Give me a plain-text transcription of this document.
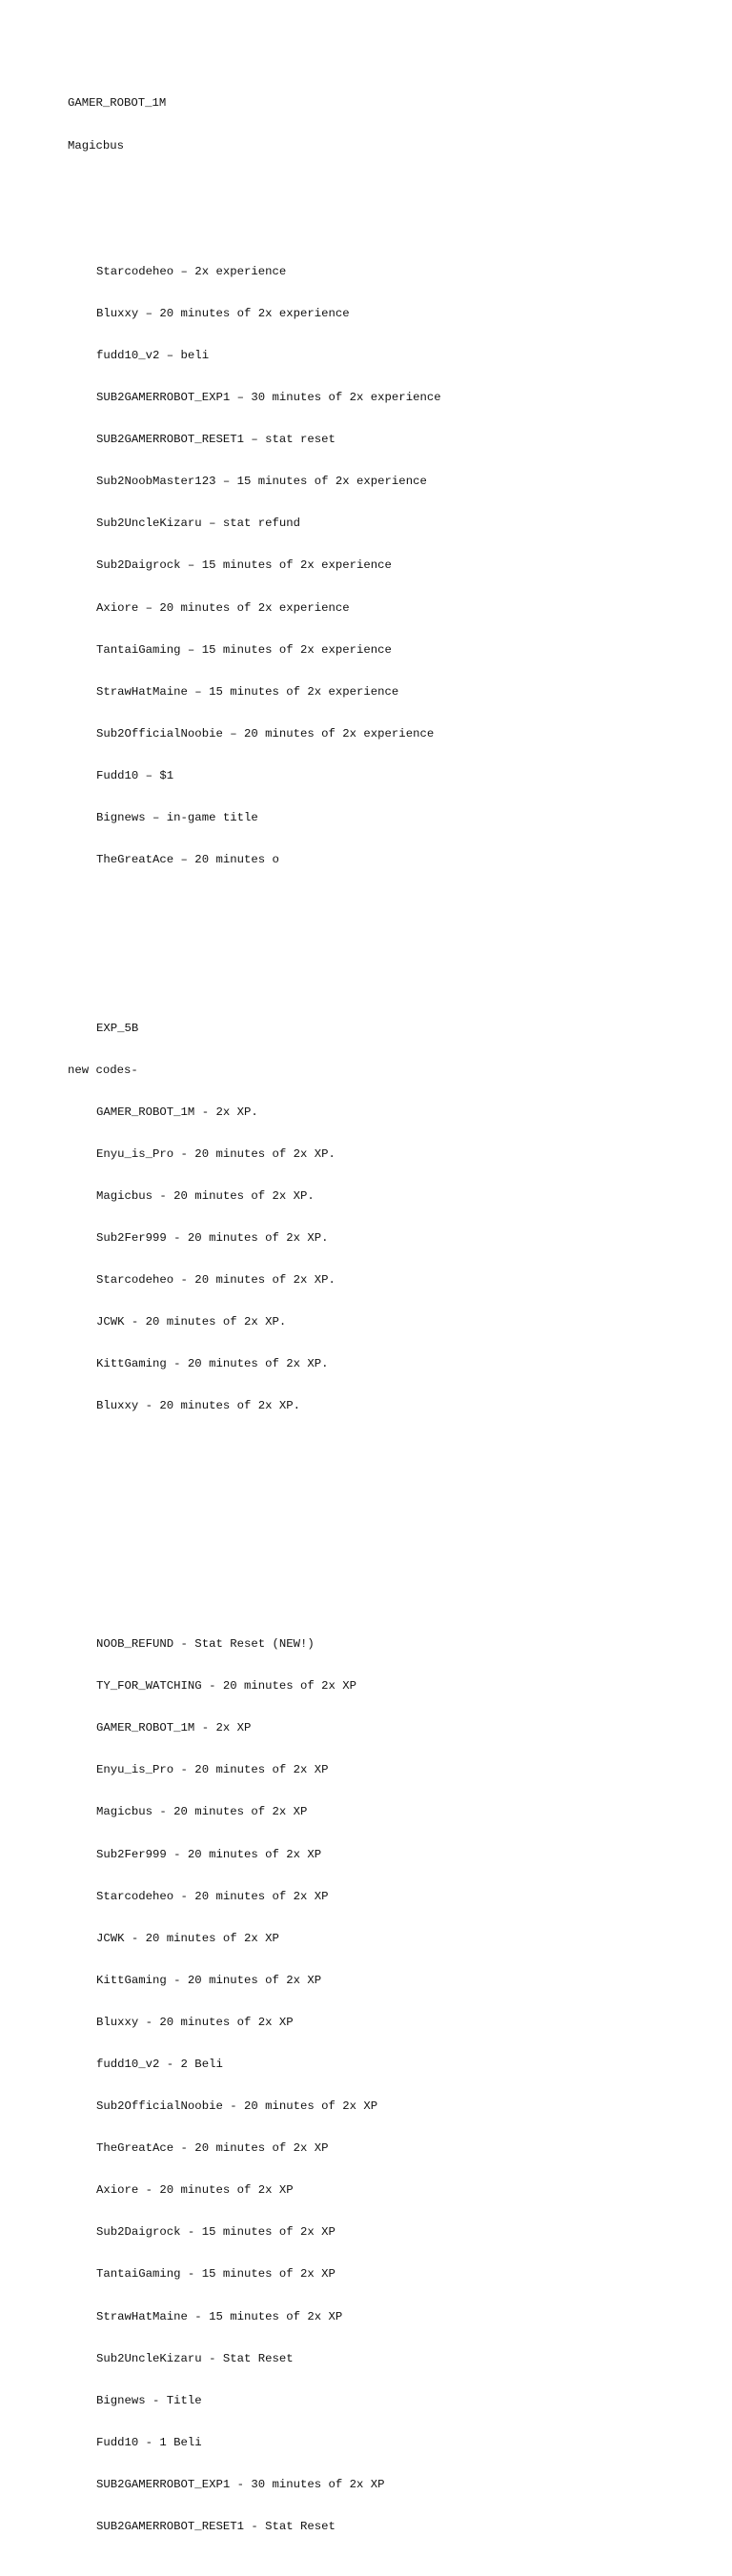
GAMER_ROBOT_1M

Magicbus

Starcodeheo – 2x experience

Bluxxy – 20 minutes of 2x experience

fudd10_v2 – beli

SUB2GAMERROBOT_EXP1 – 30 minutes of 2x experience

SUB2GAMERROBOT_RESET1 – stat reset

Sub2NoobMaster123 – 15 minutes of 2x experience

Sub2UncleKizaru – stat refund

Sub2Daigrock – 15 minutes of 2x experience

Axiore – 20 minutes of 2x experience

TantaiGaming – 15 minutes of 2x experience

StrawHatMaine – 15 minutes of 2x experience

Sub2OfficialNoobie – 20 minutes of 2x experience

Fudd10 – $1

Bignews – in-game title

TheGreatAce – 20 minutes o

EXP_5B

new codes-

GAMER_ROBOT_1M - 2x XP.

Enyu_is_Pro - 20 minutes of 2x XP.

Magicbus - 20 minutes of 2x XP.

Sub2Fer999 - 20 minutes of 2x XP.

Starcodeheo - 20 minutes of 2x XP.

JCWK - 20 minutes of 2x XP.

KittGaming - 20 minutes of 2x XP.

Bluxxy - 20 minutes of 2x XP.

NOOB_REFUND - Stat Reset (NEW!)

TY_FOR_WATCHING - 20 minutes of 2x XP

GAMER_ROBOT_1M - 2x XP

Enyu_is_Pro - 20 minutes of 2x XP

Magicbus - 20 minutes of 2x XP

Sub2Fer999 - 20 minutes of 2x XP

Starcodeheo - 20 minutes of 2x XP

JCWK - 20 minutes of 2x XP

KittGaming - 20 minutes of 2x XP

Bluxxy - 20 minutes of 2x XP

fudd10_v2 - 2 Beli

Sub2OfficialNoobie - 20 minutes of 2x XP

TheGreatAce - 20 minutes of 2x XP

Axiore - 20 minutes of 2x XP

Sub2Daigrock - 15 minutes of 2x XP

TantaiGaming - 15 minutes of 2x XP

StrawHatMaine - 15 minutes of 2x XP

Sub2UncleKizaru - Stat Reset

Bignews - Title

Fudd10 - 1 Beli

SUB2GAMERROBOT_EXP1 - 30 minutes of 2x XP

SUB2GAMERROBOT_RESET1 - Stat Reset
